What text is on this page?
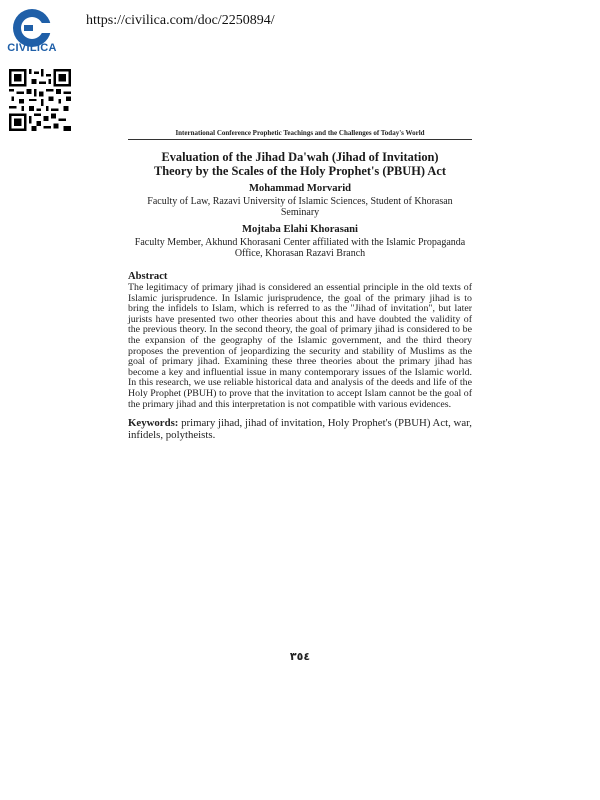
CIVILICA
https://civilica.com/doc/2250894/
International Conference Prophetic Teachings and the Challenges of Today's World
Evaluation of the Jihad Da'wah (Jihad of Invitation)
Theory by the Scales of the Holy Prophet's (PBUH) Act

Mohammad Morvarid

Faculty of Law, Razavi University of Islamic Sciences, Student of Khorasan Seminary

Mojtaba Elahi Khorasani

Faculty Member, Akhund Khorasani Center affiliated with the Islamic Propaganda Office, Khorasan Razavi Branch

Abstract

The legitimacy of primary jihad is considered an essential principle in the old texts of Islamic jurisprudence. In Islamic jurisprudence, the goal of the primary jihad is to bring the infidels to Islam, which is referred to as the "Jihad of invitation", but later jurists have presented two other theories about this and have doubted the validity of the previous theory. In the second theory, the goal of primary jihad is considered to be the expansion of the geography of the Islamic government, and the third theory proposes the prevention of jeopardizing the security and stability of Muslims as the goal of primary jihad. Examining these three theories about the primary jihad has become a key and influential issue in many contemporary issues of the Islamic world. In this research, we use reliable historical data and analysis of the deeds and life of the Holy Prophet (PBUH) to prove that the invitation to accept Islam cannot be the goal of the primary jihad and this interpretation is not compatible with various evidences.

Keywords: primary jihad, jihad of invitation, Holy Prophet's (PBUH) Act, war, infidels, polytheists.

٣٥٤
